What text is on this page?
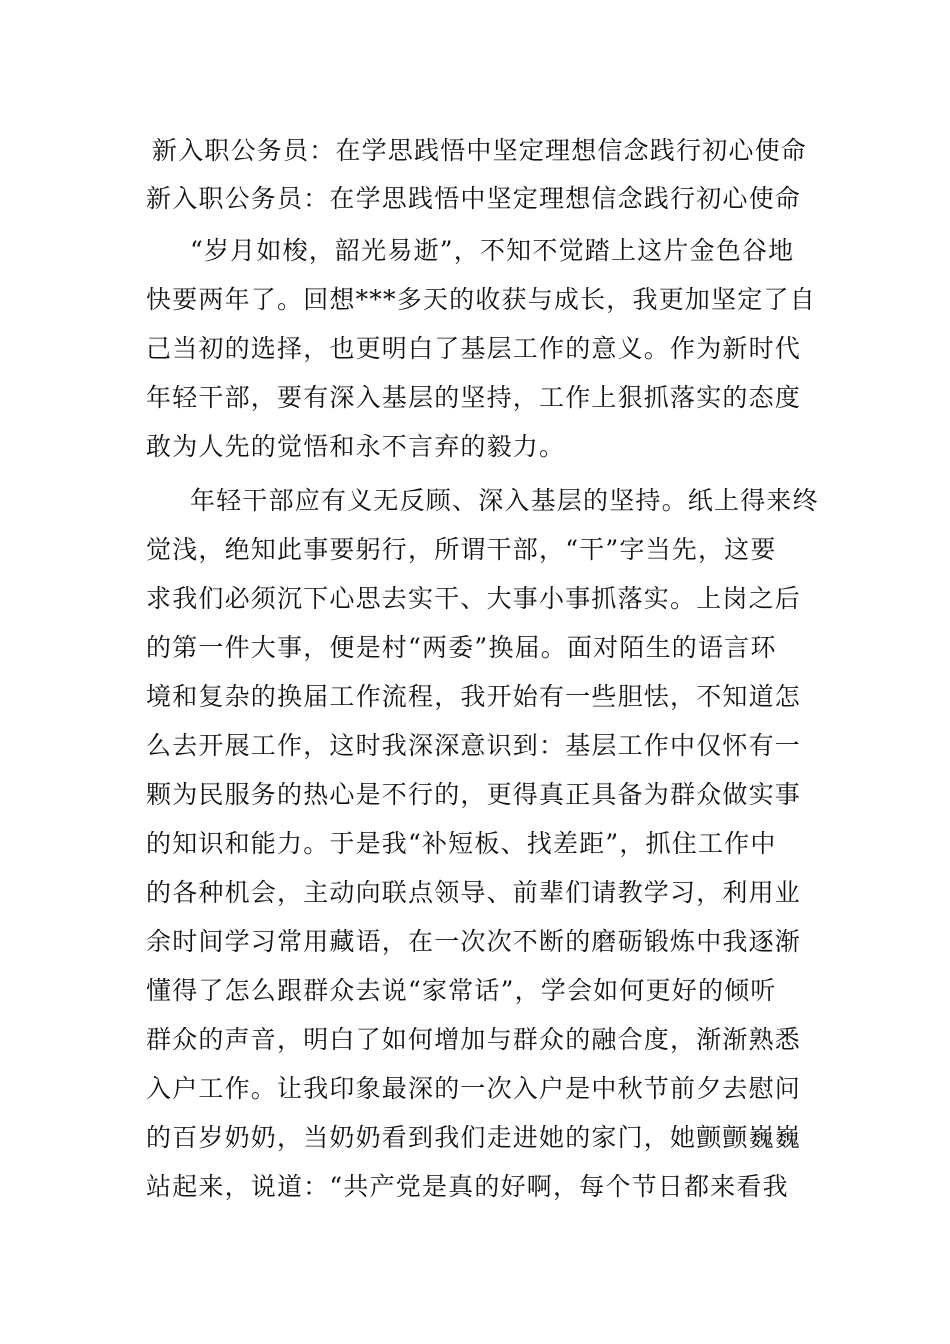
新入职公务员：在学思践悟中坚定理想信念践行初心使命
新入职公务员：在学思践悟中坚定理想信念践行初心使命
“岁月如梭，韶光易逝”，不知不觉踏上这片金色谷地
快要两年了。回想***多天的收获与成长，我更加坚定了自
己当初的选择，也更明白了基层工作的意义。作为新时代
年轻干部，要有深入基层的坚持，工作上狠抓落实的态度
敢为人先的觉悟和永不言弃的毅力。
年轻干部应有义无反顾、深入基层的坚持。纸上得来终
觉浅，绝知此事要躬行，所谓干部，“干”字当先，这要
求我们必须沉下心思去实干、大事小事抓落实。上岗之后
的第一件大事，便是村“两委”换届。面对陌生的语言环
境和复杂的换届工作流程，我开始有一些胆怯，不知道怎
么去开展工作，这时我深深意识到：基层工作中仅怀有一
颗为民服务的热心是不行的，更得真正具备为群众做实事
的知识和能力。于是我“补短板、找差距”，抓住工作中
的各种机会，主动向联点领导、前辈们请教学习，利用业
余时间学习常用藏语，在一次次不断的磨砺锻炼中我逐渐
懂得了怎么跟群众去说“家常话”，学会如何更好的倾听
群众的声音，明白了如何增加与群众的融合度，渐渐熟悉
入户工作。让我印象最深的一次入户是中秋节前夕去慰问
的百岁奶奶，当奶奶看到我们走进她的家门，她颤颤巍巍
站起来，说道：“共产党是真的好啊，每个节日都来看我
